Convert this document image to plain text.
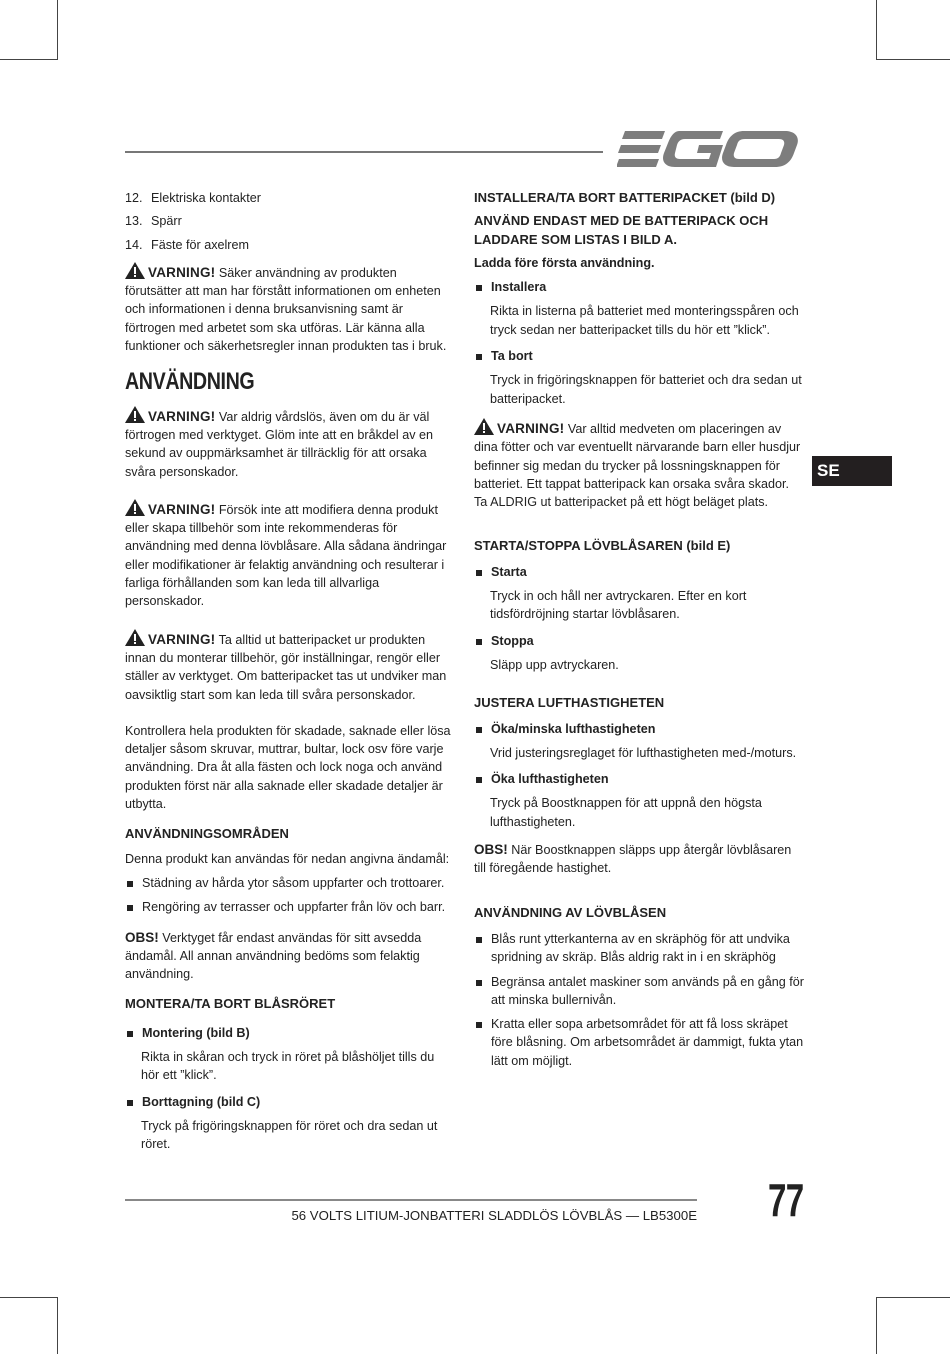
12. Elektriska kontakter
13. Spärr
14. Fäste för axelrem

VARNING! Säker användning av produkten förutsätter att man har förstått informationen om enheten och informationen i denna bruksanvisning samt är förtrogen med arbetet som ska utföras. Lär känna alla funktioner och säkerhetsregler innan produkten tas i bruk.

ANVÄNDNING

VARNING! Var aldrig vårdslös, även om du är väl förtrogen med verktyget. Glöm inte att en bråkdel av en sekund av ouppmärksamhet är tillräcklig för att orsaka svåra personskador.

VARNING! Försök inte att modifiera denna produkt eller skapa tillbehör som inte rekommenderas för användning med denna lövblåsare. Alla sådana ändringar eller modifikationer är felaktig användning och resulterar i farliga förhållanden som kan leda till allvarliga personskador.

VARNING! Ta alltid ut batteripacket ur produkten innan du monterar tillbehör, gör inställningar, rengör eller ställer av verktyget. Om batteripacket tas ut undviker man oavsiktlig start som kan leda till svåra personskador.

Kontrollera hela produkten för skadade, saknade eller lösa detaljer såsom skruvar, muttrar, bultar, lock osv före varje användning. Dra åt alla fästen och lock noga och använd produkten först när alla saknade eller skadade detaljer är utbytta.

ANVÄNDNINGSOMRÅDEN

Denna produkt kan användas för nedan angivna ändamål:

Städning av hårda ytor såsom uppfarter och trottoarer.
Rengöring av terrasser och uppfarter från löv och barr.

OBS! Verktyget får endast användas för sitt avsedda ändamål. All annan användning bedöms som felaktig användning.

MONTERA/TA BORT BLÅSRÖRET
Montering (bild B)

Rikta in skåran och tryck in röret på blåshöljet tills du hör ett ”klick”.

Borttagning (bild C)

Tryck på frigöringsknappen för röret och dra sedan ut röret.

INSTALLERA/TA BORT BATTERIPACKET (bild D)
ANVÄND ENDAST MED DE BATTERIPACK OCH LADDARE SOM LISTAS I BILD A.
Ladda före första användning.
Installera

Rikta in listerna på batteriet med monteringsspåren och tryck sedan ner batteripacket tills du hör ett ”klick”.

Ta bort

Tryck in frigöringsknappen för batteriet och dra sedan ut batteripacket.

VARNING! Var alltid medveten om placeringen av dina fötter och var eventuellt närvarande barn eller husdjur befinner sig medan du trycker på lossningsknappen för batteriet. Ett tappat batteripack kan orsaka svåra skador. Ta ALDRIG ut batteripacket på ett högt beläget plats.

STARTA/STOPPA LÖVBLÅSAREN (bild E)
Starta

Tryck in och håll ner avtryckaren. Efter en kort tidsfördröjning startar lövblåsaren.

Stoppa

Släpp upp avtryckaren.

JUSTERA LUFTHASTIGHETEN
Öka/minska lufthastigheten

Vrid justeringsreglaget för lufthastigheten med-/moturs.

Öka lufthastigheten

Tryck på Boostknappen för att uppnå den högsta lufthastigheten.

OBS! När Boostknappen släpps upp återgår lövblåsaren till föregående hastighet.

ANVÄNDNING AV LÖVBLÅSEN
Blås runt ytterkanterna av en skräphög för att undvika spridning av skräp. Blås aldrig rakt in i en skräphög
Begränsa antalet maskiner som används på en gång för att minska bullernivån.
Kratta eller sopa arbetsområdet för att få loss skräpet före blåsning. Om arbetsområdet är dammigt, fukta ytan lätt om möjligt.
SE
56 VOLTS LITIUM-JONBATTERI SLADDLÖS LÖVBLÅS — LB5300E 77
